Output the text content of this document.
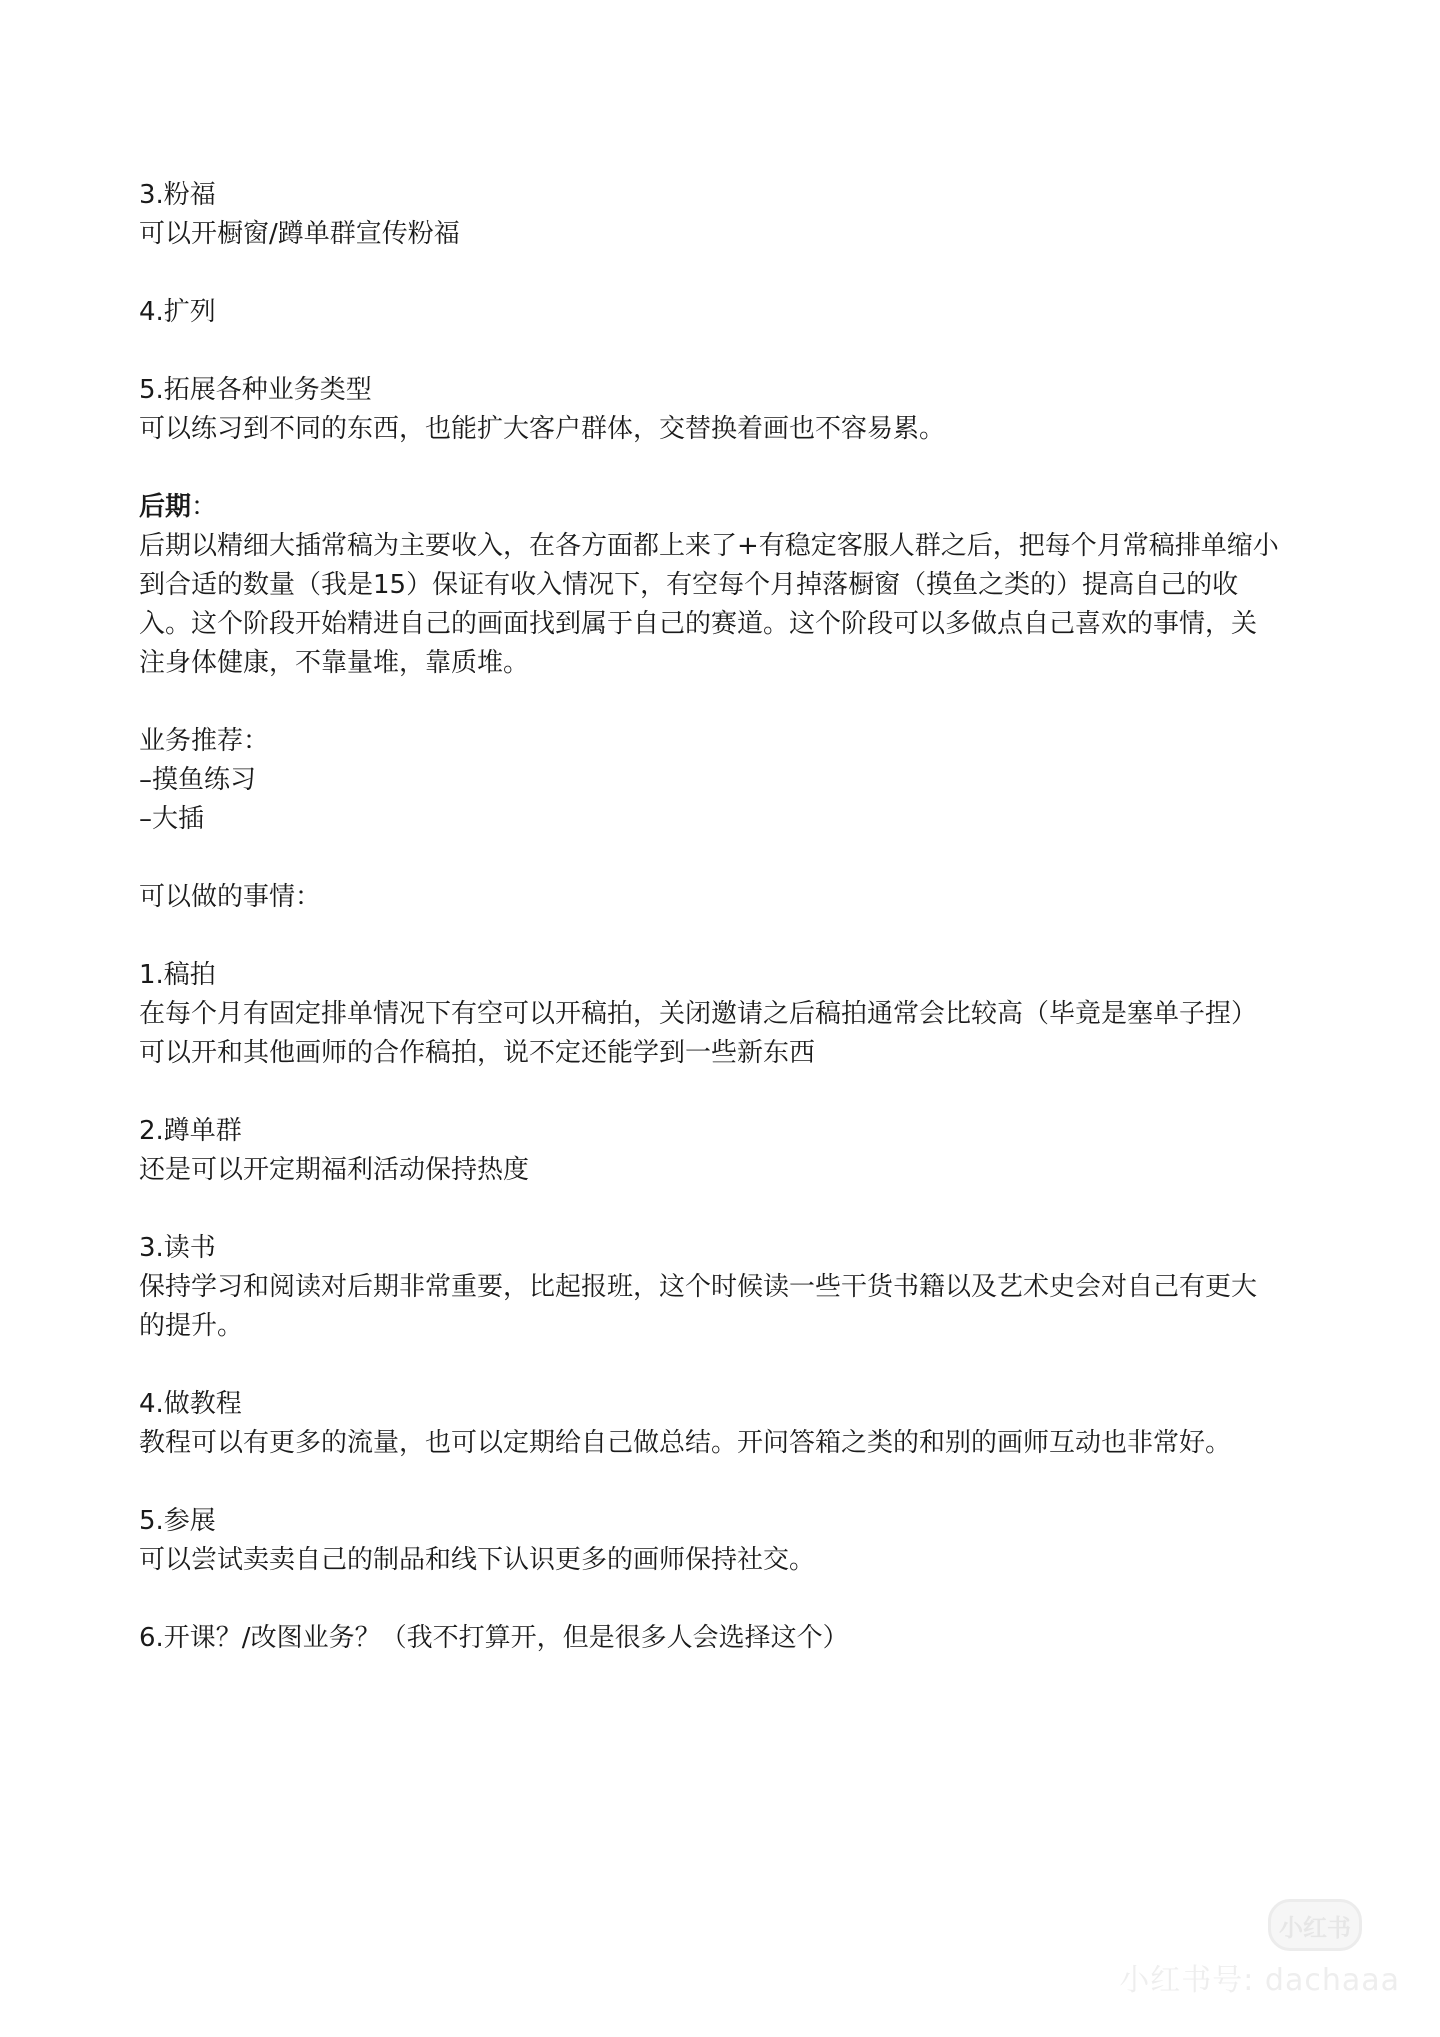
3.粉福
可以开橱窗/蹲单群宣传粉福
4.扩列
5.拓展各种业务类型
可以练习到不同的东西，也能扩大客户群体，交替换着画也不容易累。
后期：
后期以精细大插常稿为主要收入，在各方面都上来了+有稳定客服人群之后，把每个月常稿排单缩小
到合适的数量（我是15）保证有收入情况下，有空每个月掉落橱窗（摸鱼之类的）提高自己的收
入。这个阶段开始精进自己的画面找到属于自己的赛道。这个阶段可以多做点自己喜欢的事情，关
注身体健康，不靠量堆，靠质堆。
业务推荐：
–摸鱼练习
–大插
可以做的事情：
1.稿拍
在每个月有固定排单情况下有空可以开稿拍，关闭邀请之后稿拍通常会比较高（毕竟是塞单子捏）
可以开和其他画师的合作稿拍，说不定还能学到一些新东西
2.蹲单群
还是可以开定期福利活动保持热度
3.读书
保持学习和阅读对后期非常重要，比起报班，这个时候读一些干货书籍以及艺术史会对自己有更大
的提升。
4.做教程
教程可以有更多的流量，也可以定期给自己做总结。开问答箱之类的和别的画师互动也非常好。
5.参展
可以尝试卖卖自己的制品和线下认识更多的画师保持社交。
6.开课？/改图业务？（我不打算开，但是很多人会选择这个）
小红书
小红书号: dachaaa
